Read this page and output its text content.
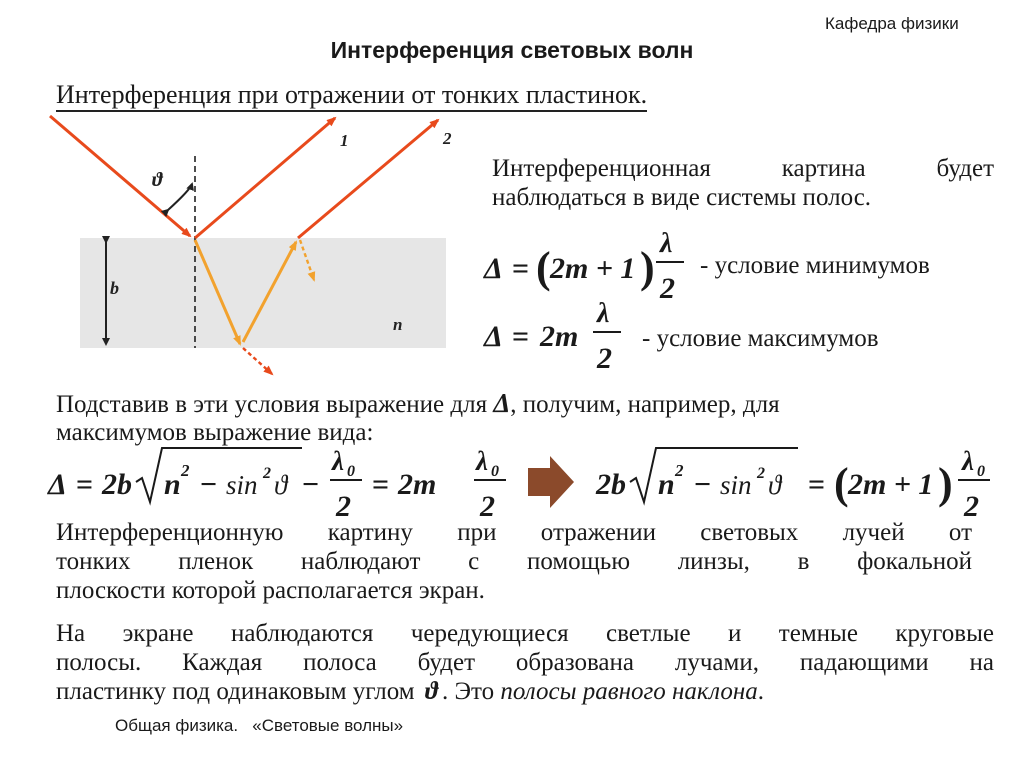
Кафедра физики
Интерференция световых волн
Интерференция при отражении от тонких пластинок.
1	2
ϑ
b
n
Интерференционная картина будет
наблюдаться в виде системы полос.
Δ = ( 2m + 1 ) λ
2
- условие минимумов
Δ = 2m
λ
2
- условие максимумов
Подставив в эти условия выражение для Δ, получим, например, для
максимумов выражение вида:
Δ = 2b n 2 − sin 2 ϑ −
λ 0
2
= 2m
λ 0
2
2b n 2 − sin 2 ϑ = ( 2m + 1 ) λ 0
2
Интерференционную картину при отражении световых лучей от
тонких пленок наблюдают с помощью линзы, в фокальной
плоскости которой располагается экран.
На экране наблюдаются чередующиеся светлые и темные круговые
полосы. Каждая полоса будет образована лучами, падающими на
пластинку под одинаковым углом ϑ . Это полосы равного наклона.
Общая физика.   «Световые волны»
